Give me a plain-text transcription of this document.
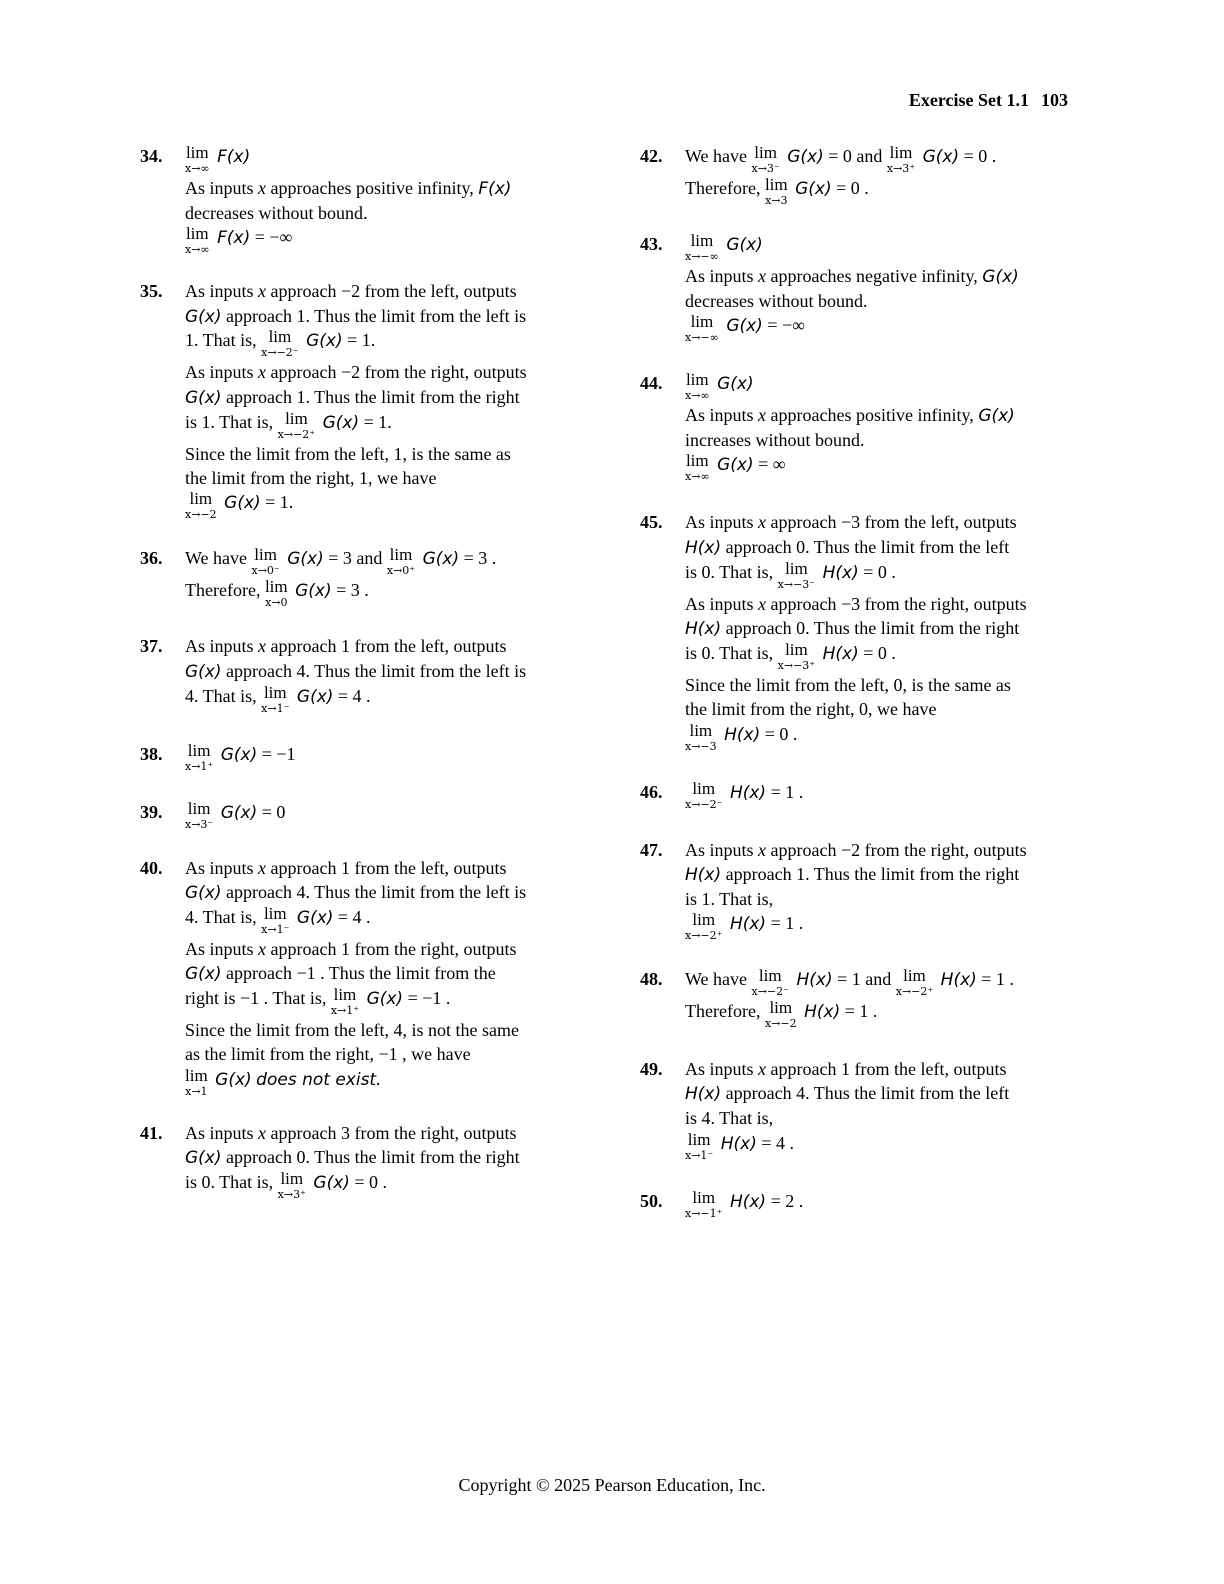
Exercise Set 1.1 103
34. lim
x→∞
F(x)
As inputs x approaches positive infinity, F(x)
decreases without bound.
lim
x→∞
F(x) = −∞
35. As inputs x approach −2 from the left, outputs
G(x) approach 1. Thus the limit from the left is
1. That is, lim
x→−2⁻
G(x) = 1.
As inputs x approach −2 from the right, outputs
G(x) approach 1. Thus the limit from the right
is 1. That is, lim
x→−2⁺
G(x) = 1.
Since the limit from the left, 1, is the same as
the limit from the right, 1, we have
lim
x→−2
G(x) = 1.
36. We have lim
x→0⁻
G(x) = 3 and lim
x→0⁺
G(x) = 3 .
Therefore, lim
x→0
G(x) = 3 .
37. As inputs x approach 1 from the left, outputs
G(x) approach 4. Thus the limit from the left is
4. That is, lim
x→1⁻
G(x) = 4 .
38. lim
x→1⁺
G(x) = −1
39. lim
x→3⁻
G(x) = 0
40. As inputs x approach 1 from the left, outputs
G(x) approach 4. Thus the limit from the left is
4. That is, lim
x→1⁻
G(x) = 4 .
As inputs x approach 1 from the right, outputs
G(x) approach −1 . Thus the limit from the
right is −1 . That is, lim
x→1⁺
G(x) = −1 .
Since the limit from the left, 4, is not the same
as the limit from the right, −1 , we have
lim
x→1
G(x) does not exist.
41. As inputs x approach 3 from the right, outputs
G(x) approach 0. Thus the limit from the right
is 0. That is, lim
x→3⁺
G(x) = 0 .
42. We have lim
x→3⁻
G(x) = 0 and lim
x→3⁺
G(x) = 0 .
Therefore, lim
x→3
G(x) = 0 .
43.	lim
x→−∞
G(x)
As inputs x approaches negative infinity, G(x)
decreases without bound.
lim
x→−∞
G(x) = −∞
44. lim
x→∞
G(x)
As inputs x approaches positive infinity, G(x)
increases without bound.
lim
x→∞
G(x) = ∞
45. As inputs x approach −3 from the left, outputs
H(x) approach 0. Thus the limit from the left
is 0. That is, lim
x→−3⁻
H(x) = 0 .
As inputs x approach −3 from the right, outputs
H(x) approach 0. Thus the limit from the right
is 0. That is, lim
x→−3⁺
H(x) = 0 .
Since the limit from the left, 0, is the same as
the limit from the right, 0, we have
lim
x→−3
H(x) = 0 .
46.	lim
x→−2⁻
H(x) = 1 .
47. As inputs x approach −2 from the right, outputs
H(x) approach 1. Thus the limit from the right
is 1. That is,
lim
x→−2⁺
H(x) = 1 .
48. We have lim
x→−2⁻
H(x) = 1 and lim
x→−2⁺
H(x) = 1 .
Therefore, lim
x→−2
H(x) = 1 .
49. As inputs x approach 1 from the left, outputs
H(x) approach 4. Thus the limit from the left
is 4. That is,
lim
x→1⁻
H(x) = 4 .
50.	lim
x→−1⁺
H(x) = 2 .
Copyright © 2025 Pearson Education, Inc.
